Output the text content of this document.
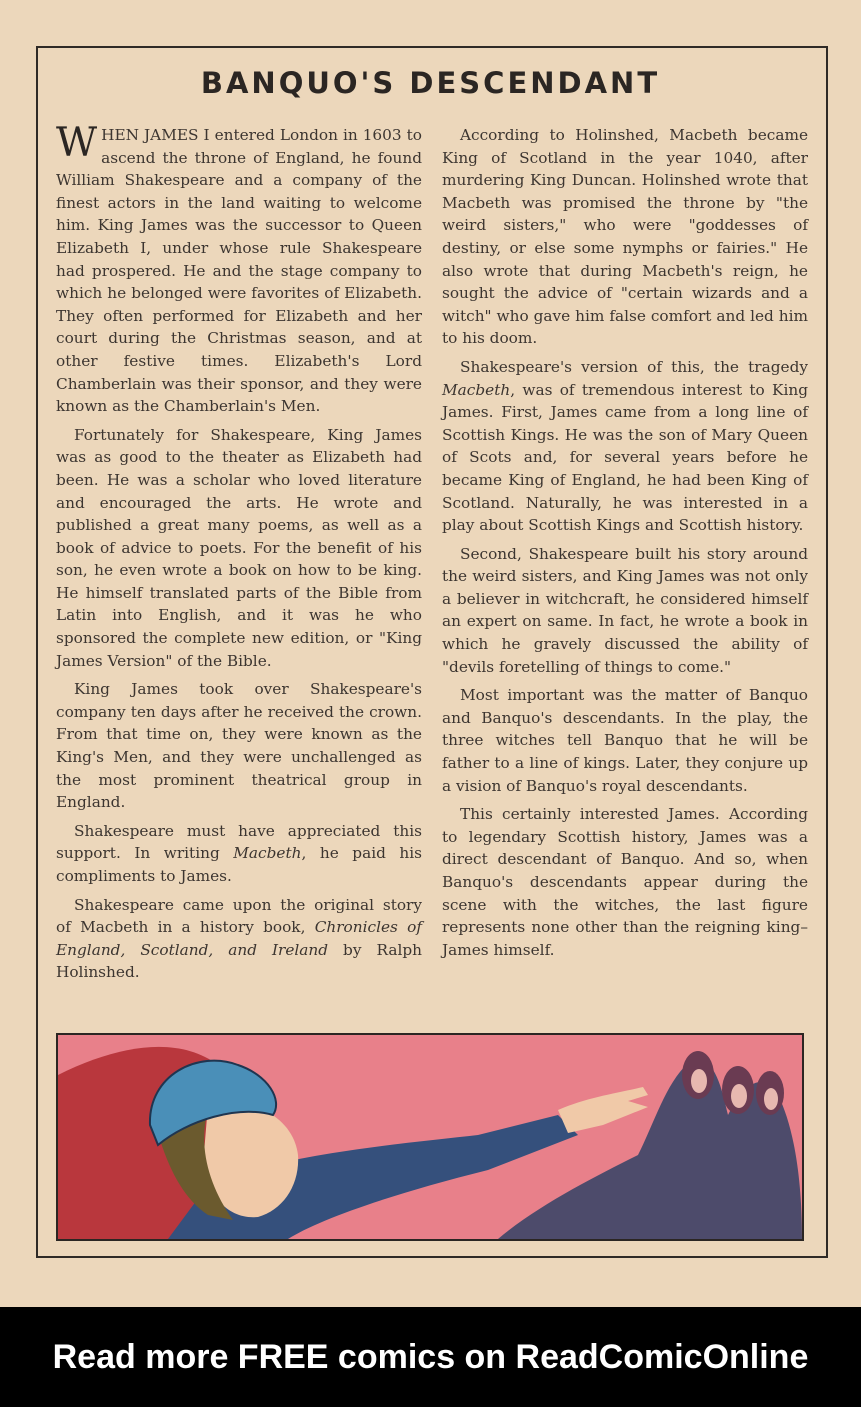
BANQUO'S DESCENDANT

WHEN JAMES I entered London in 1603 to ascend the throne of England, he found William Shakespeare and a company of the finest actors in the land waiting to welcome him. King James was the successor to Queen Elizabeth I, under whose rule Shakespeare had prospered. He and the stage company to which he belonged were favorites of Elizabeth. They often performed for Elizabeth and her court during the Christmas season, and at other festive times. Elizabeth's Lord Chamberlain was their sponsor, and they were known as the Chamberlain's Men.

Fortunately for Shakespeare, King James was as good to the theater as Elizabeth had been. He was a scholar who loved literature and encouraged the arts. He wrote and published a great many poems, as well as a book of advice to poets. For the benefit of his son, he even wrote a book on how to be king. He himself translated parts of the Bible from Latin into English, and it was he who sponsored the complete new edition, or "King James Version" of the Bible.

King James took over Shakespeare's company ten days after he received the crown. From that time on, they were known as the King's Men, and they were unchallenged as the most prominent theatrical group in England.

Shakespeare must have appreciated this support. In writing Macbeth, he paid his compliments to James.

Shakespeare came upon the original story of Macbeth in a history book, Chronicles of England, Scotland, and Ireland by Ralph Holinshed.

According to Holinshed, Macbeth became King of Scotland in the year 1040, after murdering King Duncan. Holinshed wrote that Macbeth was promised the throne by "the weird sisters," who were "goddesses of destiny, or else some nymphs or fairies." He also wrote that during Macbeth's reign, he sought the advice of "certain wizards and a witch" who gave him false comfort and led him to his doom.

Shakespeare's version of this, the tragedy Macbeth, was of tremendous interest to King James. First, James came from a long line of Scottish Kings. He was the son of Mary Queen of Scots and, for several years before he became King of England, he had been King of Scotland. Naturally, he was interested in a play about Scottish Kings and Scottish history.

Second, Shakespeare built his story around the weird sisters, and King James was not only a believer in witchcraft, he considered himself an expert on same. In fact, he wrote a book in which he gravely discussed the ability of "devils foretelling of things to come."

Most important was the matter of Banquo and Banquo's descendants. In the play, the three witches tell Banquo that he will be father to a line of kings. Later, they conjure up a vision of Banquo's royal descendants.

This certainly interested James. According to legendary Scottish history, James was a direct descendant of Banquo. And so, when Banquo's descendants appear during the scene with the witches, the last figure represents none other than the reigning king–James himself.

Read more FREE comics on ReadComicOnline
